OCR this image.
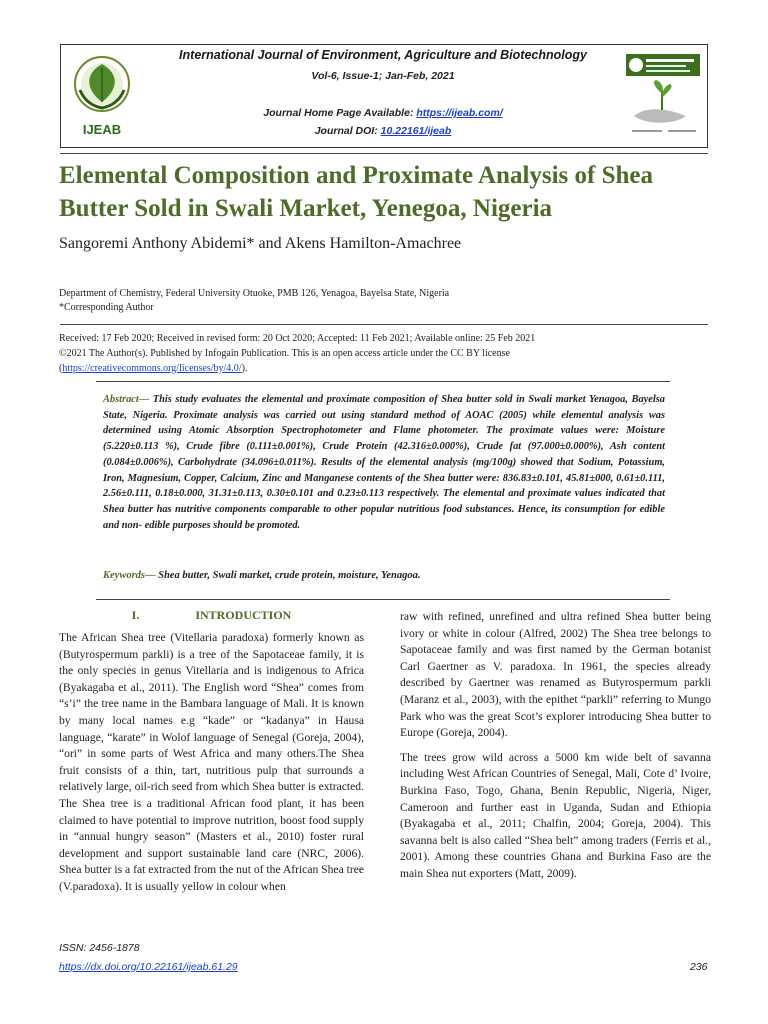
IJEAB
International Journal of Environment, Agriculture and Biotechnology
Vol-6, Issue-1; Jan-Feb, 2021
Journal Home Page Available: https://ijeab.com/
Journal DOI: 10.22161/ijeab
Elemental Composition and Proximate Analysis of Shea Butter Sold in Swali Market, Yenegoa, Nigeria
Sangoremi Anthony Abidemi* and Akens Hamilton-Amachree
Department of Chemistry, Federal University Otuoke, PMB 126, Yenagoa, Bayelsa State, Nigeria
*Corresponding Author
Received: 17 Feb 2020; Received in revised form: 20 Oct 2020; Accepted: 11 Feb 2021; Available online: 25 Feb 2021
©2021 The Author(s). Published by Infogain Publication. This is an open access article under the CC BY license
(https://creativecommons.org/licenses/by/4.0/).
Abstract— This study evaluates the elemental and proximate composition of Shea butter sold in Swali market Yenagoa, Bayelsa State, Nigeria. Proximate analysis was carried out using standard method of AOAC (2005) while elemental analysis was determined using Atomic Absorption Spectrophotometer and Flame photometer. The proximate values were: Moisture (5.220±0.113 %), Crude fibre (0.111±0.001%), Crude Protein (42.316±0.000%), Crude fat (97.000±0.000%), Ash content (0.084±0.006%), Carbohydrate (34.096±0.011%). Results of the elemental analysis (mg/100g) showed that Sodium, Potassium, Iron, Magnesium, Copper, Calcium, Zinc and Manganese contents of the Shea butter were: 836.83±0.101, 45.81±000, 0.61±0.111, 2.56±0.111, 0.18±0.000, 31.31±0.113, 0.30±0.101 and 0.23±0.113 respectively. The elemental and proximate values indicated that Shea butter has nutritive components comparable to other popular nutritious food substances. Hence, its consumption for edible and non- edible purposes should be promoted.
Keywords— Shea butter, Swali market, crude protein, moisture, Yenagoa.
I.	INTRODUCTION

The African Shea tree (Vitellaria paradoxa) formerly known as (Butyrospermum parkli) is a tree of the Sapotaceae family, it is the only species in genus Vitellaria and is indigenous to Africa (Byakagaba et al., 2011). The English word “Shea” comes from “s’i” the tree name in the Bambara language of Mali. It is known by many local names e.g “kade” or “kadanya” in Hausa language, “karate” in Wolof language of Senegal (Goreja, 2004), “ori” in some parts of West Africa and many others.The Shea fruit consists of a thin, tart, nutritious pulp that surrounds a relatively large, oil-rich seed from which Shea butter is extracted. The Shea tree is a traditional African food plant, it has been claimed to have potential to improve nutrition, boost food supply in “annual hungry season” (Masters et al., 2010) foster rural development and support sustainable land care (NRC, 2006). Shea butter is a fat extracted from the nut of the African Shea tree (V.paradoxa). It is usually yellow in colour when

raw with refined, unrefined and ultra refined Shea butter being ivory or white in colour (Alfred, 2002) The Shea tree belongs to Sapotaceae family and was first named by the German botanist Carl Gaertner as V. paradoxa. In 1961, the species already described by Gaertner was renamed as Butyrospermum parkli (Maranz et al., 2003), with the epithet “parkli” referring to Mungo Park who was the great Scot’s explorer introducing Shea butter to Europe (Goreja, 2004).

The trees grow wild across a 5000 km wide belt of savanna including West African Countries of Senegal, Mali, Cote d’ Ivoire, Burkina Faso, Togo, Ghana, Benin Republic, Nigeria, Niger, Cameroon and further east in Uganda, Sudan and Ethiopia (Byakagaba et al., 2011; Chalfin, 2004; Goreja, 2004). This savanna belt is also called “Shea belt” among traders (Ferris et al., 2001). Among these countries Ghana and Burkina Faso are the main Shea nut exporters (Matt, 2009).

ISSN: 2456-1878
https://dx.doi.org/10.22161/ijeab.61.29	236
